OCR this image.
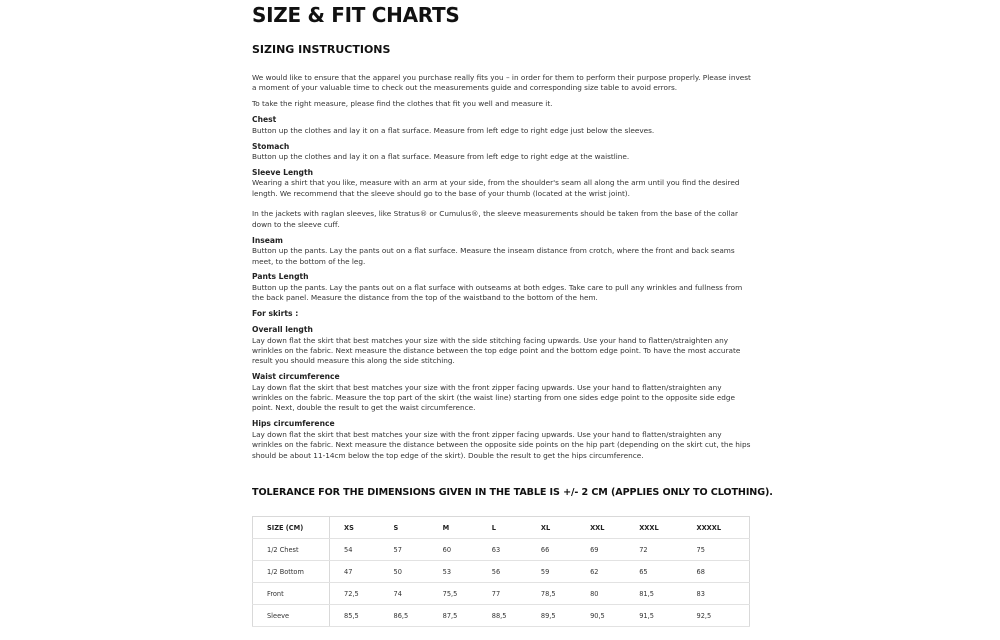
SIZE & FIT CHARTS
SIZING INSTRUCTIONS

We would like to ensure that the apparel you purchase really fits you – in order for them to perform their purpose properly. Please invest a moment of your valuable time to check out the measurements guide and corresponding size table to avoid errors.

To take the right measure, please find the clothes that fit you well and measure it.

Chest
Button up the clothes and lay it on a flat surface. Measure from left edge to right edge just below the sleeves.

Stomach
Button up the clothes and lay it on a flat surface. Measure from left edge to right edge at the waistline.

Sleeve Length
Wearing a shirt that you like, measure with an arm at your side, from the shoulder's seam all along the arm until you find the desired length. We recommend that the sleeve should go to the base of your thumb (located at the wrist joint).
In the jackets with raglan sleeves, like Stratus® or Cumulus®, the sleeve measurements should be taken from the base of the collar down to the sleeve cuff.

Inseam
Button up the pants. Lay the pants out on a flat surface. Measure the inseam distance from crotch, where the front and back seams meet, to the bottom of the leg.

Pants Length
Button up the pants. Lay the pants out on a flat surface with outseams at both edges. Take care to pull any wrinkles and fullness from the back panel. Measure the distance from the top of the waistband to the bottom of the hem.

For skirts :

Overall length
Lay down flat the skirt that best matches your size with the side stitching facing upwards. Use your hand to flatten/straighten any wrinkles on the fabric. Next measure the distance between the top edge point and the bottom edge point. To have the most accurate result you should measure this along the side stitching.

Waist circumference
Lay down flat the skirt that best matches your size with the front zipper facing upwards. Use your hand to flatten/straighten any wrinkles on the fabric. Measure the top part of the skirt (the waist line) starting from one sides edge point to the opposite side edge point. Next, double the result to get the waist circumference.

Hips circumference
Lay down flat the skirt that best matches your size with the front zipper facing upwards. Use your hand to flatten/straighten any wrinkles on the fabric. Next measure the distance between the opposite side points on the hip part (depending on the skirt cut, the hips should be about 11-14cm below the top edge of the skirt). Double the result to get the hips circumference.

TOLERANCE FOR THE DIMENSIONS GIVEN IN THE TABLE IS +/- 2 CM (APPLIES ONLY TO CLOTHING).
SIZE (CM)	XS	S	M	L	XL	XXL	XXXL	XXXXL
1/2 Chest	54	57	60	63	66	69	72	75
1/2 Bottom	47	50	53	56	59	62	65	68
Front	72,5	74	75,5	77	78,5	80	81,5	83
Sleeve	85,5	86,5	87,5	88,5	89,5	90,5	91,5	92,5
